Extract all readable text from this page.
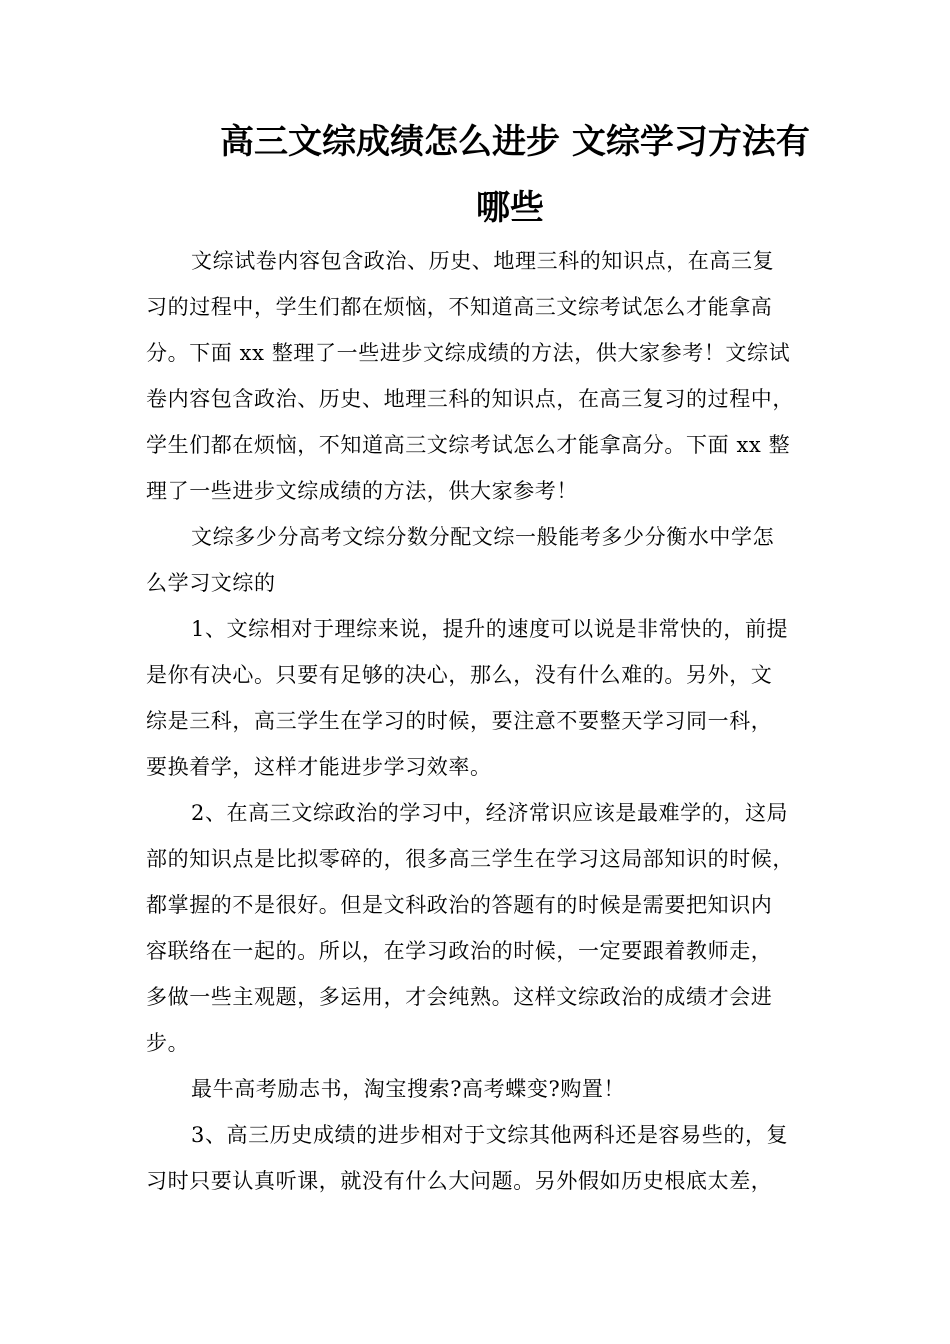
高三文综成绩怎么进步 文综学习方法有
哪些
文综试卷内容包含政治、历史、地理三科的知识点，在高三复
习的过程中，学生们都在烦恼，不知道高三文综考试怎么才能拿高
分。下面 xx 整理了一些进步文综成绩的方法，供大家参考！文综试
卷内容包含政治、历史、地理三科的知识点，在高三复习的过程中，
学生们都在烦恼，不知道高三文综考试怎么才能拿高分。下面 xx 整
理了一些进步文综成绩的方法，供大家参考！
文综多少分高考文综分数分配文综一般能考多少分衡水中学怎
么学习文综的
1、文综相对于理综来说，提升的速度可以说是非常快的，前提
是你有决心。只要有足够的决心，那么，没有什么难的。另外，文
综是三科，高三学生在学习的时候，要注意不要整天学习同一科，
要换着学，这样才能进步学习效率。
2、在高三文综政治的学习中，经济常识应该是最难学的，这局
部的知识点是比拟零碎的，很多高三学生在学习这局部知识的时候，
都掌握的不是很好。但是文科政治的答题有的时候是需要把知识内
容联络在一起的。所以，在学习政治的时候，一定要跟着教师走，
多做一些主观题，多运用，才会纯熟。这样文综政治的成绩才会进
步。
最牛高考励志书，淘宝搜索?高考蝶变?购置！
3、高三历史成绩的进步相对于文综其他两科还是容易些的，复
习时只要认真听课，就没有什么大问题。另外假如历史根底太差，
